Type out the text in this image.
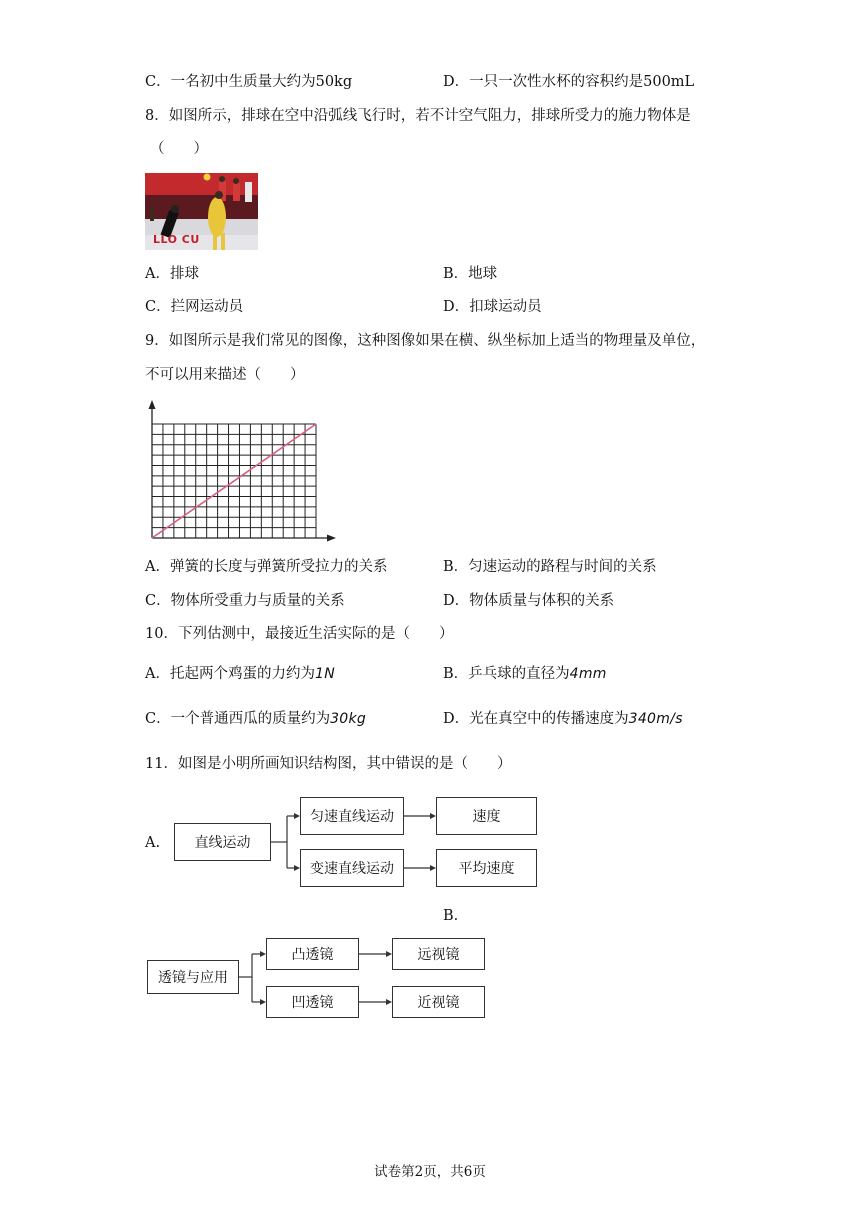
C．一名初中生质量大约为50kg	D．一只一次性水杯的容积约是500mL
8．如图所示，排球在空中沿弧线飞行时，若不计空气阻力，排球所受力的施力物体是
（　　）
LLO CU
A．排球	B．地球
C．拦网运动员	D．扣球运动员
9．如图所示是我们常见的图像，这种图像如果在横、纵坐标加上适当的物理量及单位，
不可以用来描述（　　）
A．弹簧的长度与弹簧所受拉力的关系	B．匀速运动的路程与时间的关系
C．物体所受重力与质量的关系	D．物体质量与体积的关系
10．下列估测中，最接近生活实际的是（　　）
A．托起两个鸡蛋的力约为1N	B．乒乓球的直径为4mm
C．一个普通西瓜的质量约为30kg	D．光在真空中的传播速度为340m/s
11．如图是小明所画知识结构图，其中错误的是（　　）
A.	直线运动
匀速直线运动	速度
变速直线运动	平均速度
B.
透镜与应用
凸透镜	远视镜
凹透镜	近视镜
试卷第2页，共6页
